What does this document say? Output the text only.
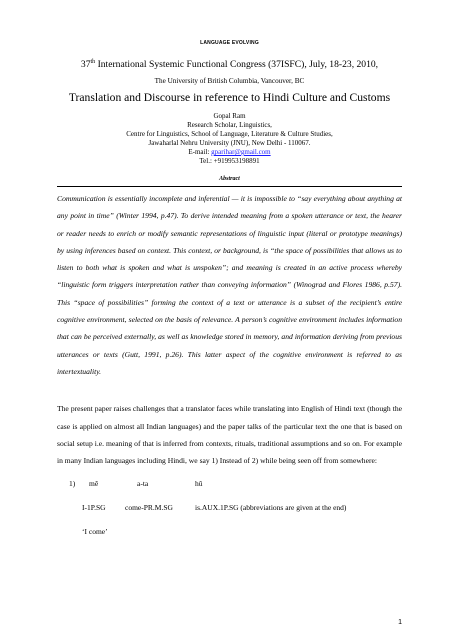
LANGUAGE EVOLVING
37th International Systemic Functional Congress (37ISFC), July, 18-23, 2010,
The University of British Columbia, Vancouver, BC
Translation and Discourse in reference to Hindi Culture and Customs
Gopal Ram
Research Scholar, Linguistics,
Centre for Linguistics, School of Language, Literature & Culture Studies,
Jawaharlal Nehru University (JNU), New Delhi - 110067.
E-mail: gparihar@gmail.com
Tel.: +919953198891
Abstract

Communication is essentially incomplete and inferential — it is impossible to “say everything about anything at any point in time” (Winter 1994, p.47). To derive intended meaning from a spoken utterance or text, the hearer or reader needs to enrich or modify semantic representations of linguistic input (literal or prototype meanings) by using inferences based on context. This context, or background, is “the space of possibilities that allows us to listen to both what is spoken and what is unspoken”; and meaning is created in an active process whereby “linguistic form triggers interpretation rather than conveying information” (Winograd and Flores 1986, p.57). This “space of possibilities” forming the context of a text or utterance is a subset of the recipient’s entire cognitive environment, selected on the basis of relevance. A person’s cognitive environment includes information that can be perceived externally, as well as knowledge stored in memory, and information deriving from previous utterances or texts (Gutt, 1991, p.26). This latter aspect of the cognitive environment is referred to as intertextuality.

The present paper raises challenges that a translator faces while translating into English of Hindi text (though the case is applied on almost all Indian languages) and the paper talks of the particular text the one that is based on social setup i.e. meaning of that is inferred from contexts, rituals, traditional assumptions and so on. For example in many Indian languages including Hindi, we say 1) Instead of 2) while being seen off from somewhere:

1) mẽ	a-ta	hũ
I-1P.SG	come-PR.M.SG	is.AUX.1P.SG (abbreviations are given at the end)
‘I come’
1
